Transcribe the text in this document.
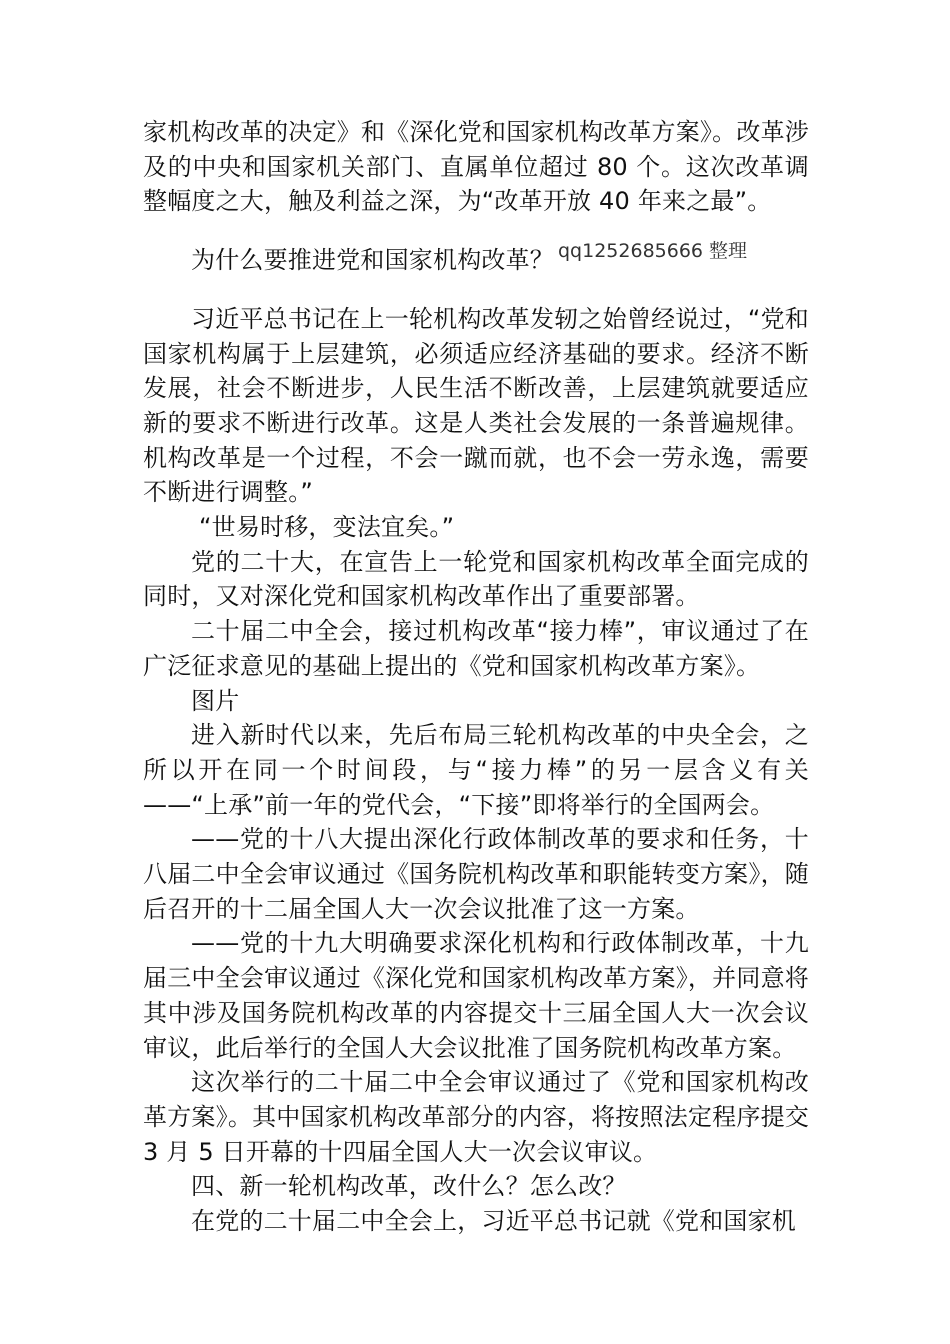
家机构改革的决定》和《深化党和国家机构改革方案》。改革涉及的中央和国家机关部门、直属单位超过 80 个。这次改革调整幅度之大，触及利益之深，为“改革开放 40 年来之最”。

为什么要推进党和国家机构改革？

习近平总书记在上一轮机构改革发轫之始曾经说过，“党和国家机构属于上层建筑，必须适应经济基础的要求。经济不断发展，社会不断进步，人民生活不断改善，上层建筑就要适应新的要求不断进行改革。这是人类社会发展的一条普遍规律。机构改革是一个过程，不会一蹴而就，也不会一劳永逸，需要不断进行调整。”

“世易时移，变法宜矣。”

党的二十大，在宣告上一轮党和国家机构改革全面完成的同时，又对深化党和国家机构改革作出了重要部署。

二十届二中全会，接过机构改革“接力棒”，审议通过了在广泛征求意见的基础上提出的《党和国家机构改革方案》。

图片

进入新时代以来，先后布局三轮机构改革的中央全会，之所以开在同一个时间段，与“接力棒”的另一层含义有关——“上承”前一年的党代会，“下接”即将举行的全国两会。

——党的十八大提出深化行政体制改革的要求和任务，十八届二中全会审议通过《国务院机构改革和职能转变方案》，随后召开的十二届全国人大一次会议批准了这一方案。

——党的十九大明确要求深化机构和行政体制改革，十九届三中全会审议通过《深化党和国家机构改革方案》，并同意将其中涉及国务院机构改革的内容提交十三届全国人大一次会议审议，此后举行的全国人大会议批准了国务院机构改革方案。

这次举行的二十届二中全会审议通过了《党和国家机构改革方案》。其中国家机构改革部分的内容，将按照法定程序提交 3 月 5 日开幕的十四届全国人大一次会议审议。

四、新一轮机构改革，改什么？怎么改？

在党的二十届二中全会上，习近平总书记就《党和国家机

qq1252685666 整理
